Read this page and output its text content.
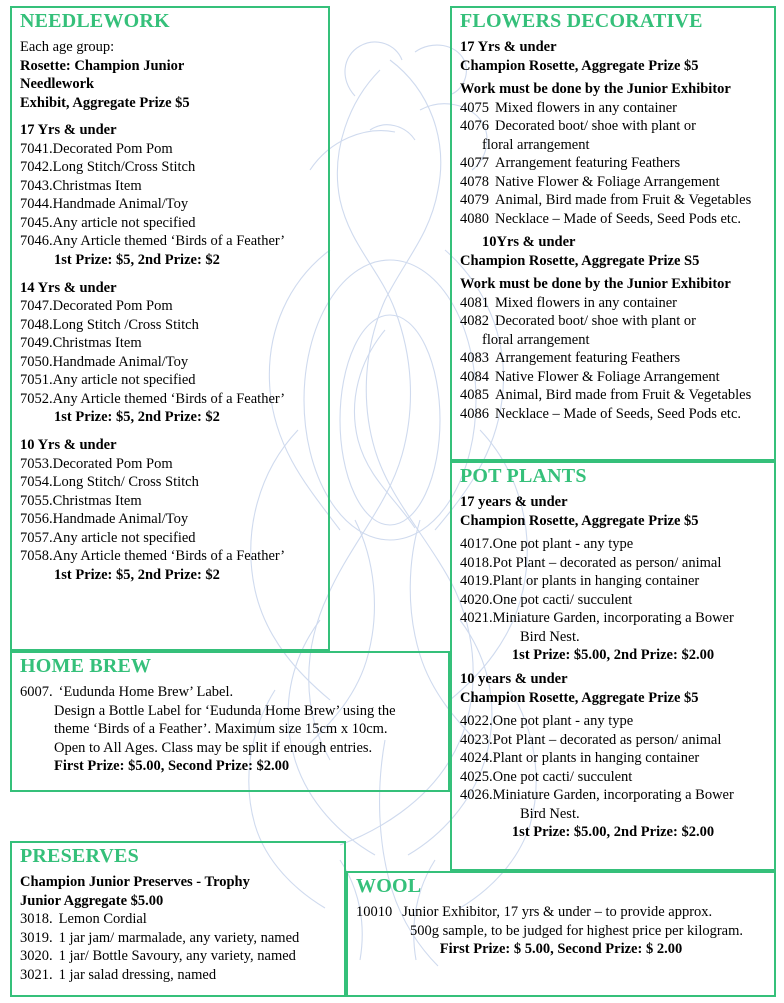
NEEDLEWORK
Each age group:
Rosette: Champion Junior
Needlework
Exhibit, Aggregate Prize $5
17 Yrs & under
7041. Decorated Pom Pom
7042. Long Stitch/Cross Stitch
7043. Christmas Item
7044. Handmade Animal/Toy
7045. Any article not specified
7046. Any Article themed ‘Birds of a Feather’
1st Prize: $5, 2nd Prize: $2
14 Yrs & under
7047. Decorated Pom Pom
7048. Long Stitch /Cross Stitch
7049. Christmas Item
7050. Handmade Animal/Toy
7051. Any article not specified
7052. Any Article themed ‘Birds of a Feather’
1st Prize: $5, 2nd Prize: $2
10 Yrs & under
7053. Decorated Pom Pom
7054. Long Stitch/ Cross Stitch
7055. Christmas Item
7056. Handmade Animal/Toy
7057. Any article not specified
7058. Any Article themed ‘Birds of a Feather’
1st Prize: $5, 2nd Prize: $2
HOME BREW
6007. ‘Eudunda Home Brew’ Label.
Design a Bottle Label for ‘Eudunda Home Brew’ using the
theme ‘Birds of a Feather’. Maximum size 15cm x 10cm.
Open to All Ages. Class may be split if enough entries.
First Prize: $5.00, Second Prize: $2.00
PRESERVES
Champion Junior Preserves - Trophy
Junior Aggregate $5.00
3018. Lemon Cordial
3019. 1 jar jam/ marmalade, any variety, named
3020. 1 jar/ Bottle Savoury, any variety, named
3021. 1 jar salad dressing, named
FLOWERS DECORATIVE
17 Yrs & under
Champion Rosette, Aggregate Prize $5
Work must be done by the Junior Exhibitor
4075 Mixed flowers in any container
4076 Decorated boot/ shoe with plant or
floral arrangement
4077 Arrangement featuring Feathers
4078 Native Flower & Foliage Arrangement
4079 Animal, Bird made from Fruit & Vegetables
4080 Necklace – Made of Seeds, Seed Pods etc.
10Yrs & under
Champion Rosette, Aggregate Prize S5
Work must be done by the Junior Exhibitor
4081 Mixed flowers in any container
4082 Decorated boot/ shoe with plant or
floral arrangement
4083 Arrangement featuring Feathers
4084 Native Flower & Foliage Arrangement
4085 Animal, Bird made from Fruit & Vegetables
4086 Necklace – Made of Seeds, Seed Pods etc.
POT PLANTS
17 years & under
Champion Rosette, Aggregate Prize $5
4017. One pot plant - any type
4018. Pot Plant – decorated as person/ animal
4019. Plant or plants in hanging container
4020. One pot cacti/ succulent
4021. Miniature Garden, incorporating a Bower
Bird Nest.
1st Prize: $5.00, 2nd Prize: $2.00
10 years & under
Champion Rosette, Aggregate Prize $5
4022. One pot plant - any type
4023. Pot Plant – decorated as person/ animal
4024. Plant or plants in hanging container
4025. One pot cacti/ succulent
4026. Miniature Garden, incorporating a Bower
Bird Nest.
1st Prize: $5.00, 2nd Prize: $2.00
WOOL
10010 Junior Exhibitor, 17 yrs & under – to provide approx.
500g sample, to be judged for highest price per kilogram.
First Prize: $ 5.00, Second Prize: $ 2.00
